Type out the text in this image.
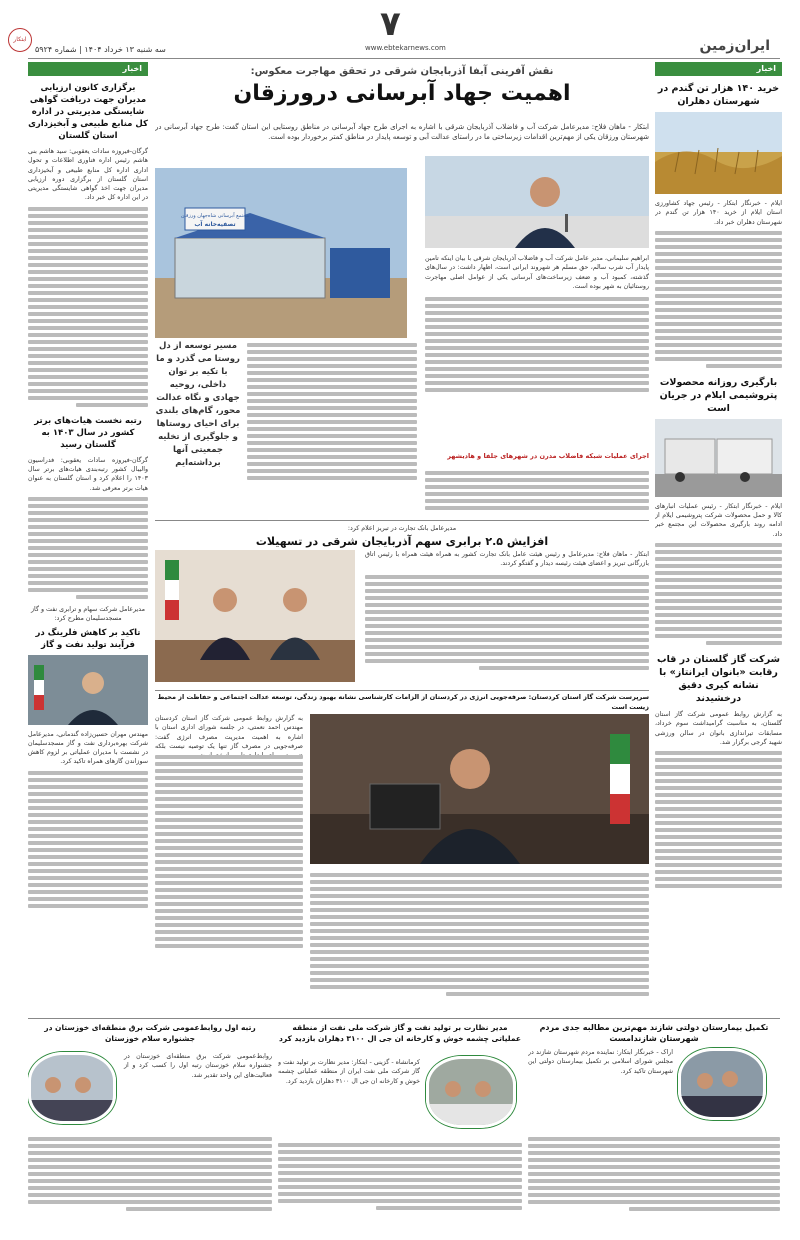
ابتکار
سه شنبه ۱۳ خرداد ۱۴۰۴ | شماره ۵۹۲۴
۷
www.ebtekarnews.com	ایران‌زمین
اخبار
خرید ۱۴۰ هزار تن گندم در شهرستان دهلران
ایلام - خبرنگار ابتکار - رئیس جهاد کشاورزی استان ایلام از خرید ۱۴۰ هزار تن گندم در شهرستان دهلران خبر داد.
بارگیری روزانه محصولات پتروشیمی ایلام در جریان است
ایلام - خبرنگار ابتکار - رئیس عملیات انبارهای کالا و حمل محصولات شرکت پتروشیمی ایلام از ادامه روند بارگیری محصولات این مجتمع خبر داد.
شرکت گاز گلستان در قاب رقابت «بانوان ایرانتاز» با نشانه کیری دقیق درخشیدند
به گزارش روابط عمومی شرکت گاز استان گلستان، به مناسبت گرامیداشت سوم خرداد، مسابقات تیراندازی بانوان در سالن ورزشی شهید گرجی برگزار شد.
اخبار
برگزاری کانون ارزیابی مدیران جهت دریافت گواهی شایستگی مدیریتی در اداره کل منابع طبیعی و آبخیزداری استان گلستان
گرگان-فیروزه سادات یعقوبی: سید هاشم بنی هاشم رئیس اداره فناوری اطلاعات و تحول اداری اداره کل منابع طبیعی و آبخیزداری استان گلستان از برگزاری دوره ارزیابی مدیران جهت اخذ گواهی شایستگی مدیریتی در این اداره کل خبر داد.
رتبه نخست هیات‌های برتر کشور در سال ۱۴۰۳ به گلستان رسید
گرگان-فیروزه سادات یعقوبی: فدراسیون والیبال کشور رتبه‌بندی هیات‌های برتر سال ۱۴۰۳ را اعلام کرد و استان گلستان به عنوان هیات برتر معرفی شد.
مدیرعامل شرکت سهام و ترابری نفت و گاز مسجدسلیمان مطرح کرد:
تاکید بر کاهش فلرینگ در فرآیند تولید نفت و گاز
مهندس مهران حسین‌زاده گندمانی، مدیرعامل شرکت بهره‌برداری نفت و گاز مسجدسلیمان در نشست با مدیران عملیاتی بر لزوم کاهش سوزاندن گازهای همراه تاکید کرد.
نقش آفرینی آبفا آذربایجان شرقی در تحقق مهاجرت معکوس:
اهمیت جهاد آبرسانی درورزقان
ابتکار - ماهان فلاح: مدیرعامل شرکت آب و فاضلاب آذربایجان شرقی با اشاره به اجرای طرح جهاد آبرسانی در مناطق روستایی این استان گفت: طرح جهاد آبرسانی در شهرستان ورزقان یکی از مهم‌ترین اقدامات زیرساختی ما در راستای عدالت آبی و توسعه پایدار در مناطق کمتر برخوردار بوده است.
مجتمع آبرسانی شاه‌جهان ورزقان
تصفیه‌خانه آب
مسیر توسعه از دل روستا می گذرد و ما با تکیه بر توان داخلی، روحیه جهادی و نگاه عدالت محور، گام‌های بلندی برای احیای روستاها و جلوگیری از تخلیه جمعیتی آنها برداشته‌ایم
ابراهیم سلیمانی، مدیر عامل شرکت آب و فاضلاب آذربایجان شرقی با بیان اینکه تامین پایدار آب شرب سالم، حق مسلم هر شهروند ایرانی است، اظهار داشت: در سال‌های گذشته، کمبود آب و ضعف زیرساخت‌های آبرسانی یکی از عوامل اصلی مهاجرت روستائیان به شهر بوده است.
اجرای عملیات شبکه فاضلاب مدرن در شهرهای جلفا و هادیشهر
مدیرعامل بانک تجارت در تبریز اعلام کرد:
افزایش ۲.۵ برابری سهم آذربایجان شرقی در تسهیلات
ابتکار - ماهان فلاح: مدیرعامل و رئیس هیئت عامل بانک تجارت کشور به همراه هیئت همراه با رئیس اتاق بازرگانی تبریز و اعضای هیئت رئیسه دیدار و گفتگو کردند.
سرپرست شرکت گاز استان کردستان: صرفه‌جویی انرژی در کردستان از الزامات کارشناسی نشانه بهبود زندگی، توسعه عدالت اجتماعی و حفاظت از محیط زیست است
به گزارش روابط عمومی شرکت گاز استان کردستان مهندس احمد نعمتی، در جلسه شورای اداری استان با اشاره به اهمیت مدیریت مصرف انرژی گفت: صرفه‌جویی در مصرف گاز تنها یک توصیه نیست بلکه
تکمیل بیمارستان دولتی شازند مهم‌ترین مطالبه جدی مردم شهرستان شازندامست
اراک - خبرنگار ابتکار: نماینده مردم شهرستان شازند در مجلس شورای اسلامی بر تکمیل بیمارستان دولتی این شهرستان تاکید کرد.
مدیر نظارت بر تولید نفت و گاز شرکت ملی نفت از منطقه عملیاتی چشمه خوش و کارخانه ان جی ال ۳۱۰۰ دهلران بازدید کرد
کرمانشاه - گزینی - ابتکار: مدیر نظارت بر تولید نفت و گاز شرکت ملی نفت ایران از منطقه عملیاتی چشمه خوش و کارخانه ان جی ال ۳۱۰۰ دهلران بازدید کرد.
رتبه اول روابط‌عمومی شرکت برق منطقه‌ای خوزستان در جشنواره سلام خوزستان
روابط‌عمومی شرکت برق منطقه‌ای خوزستان در جشنواره سلام خوزستان رتبه اول را کسب کرد و از فعالیت‌های این واحد تقدیر شد.
